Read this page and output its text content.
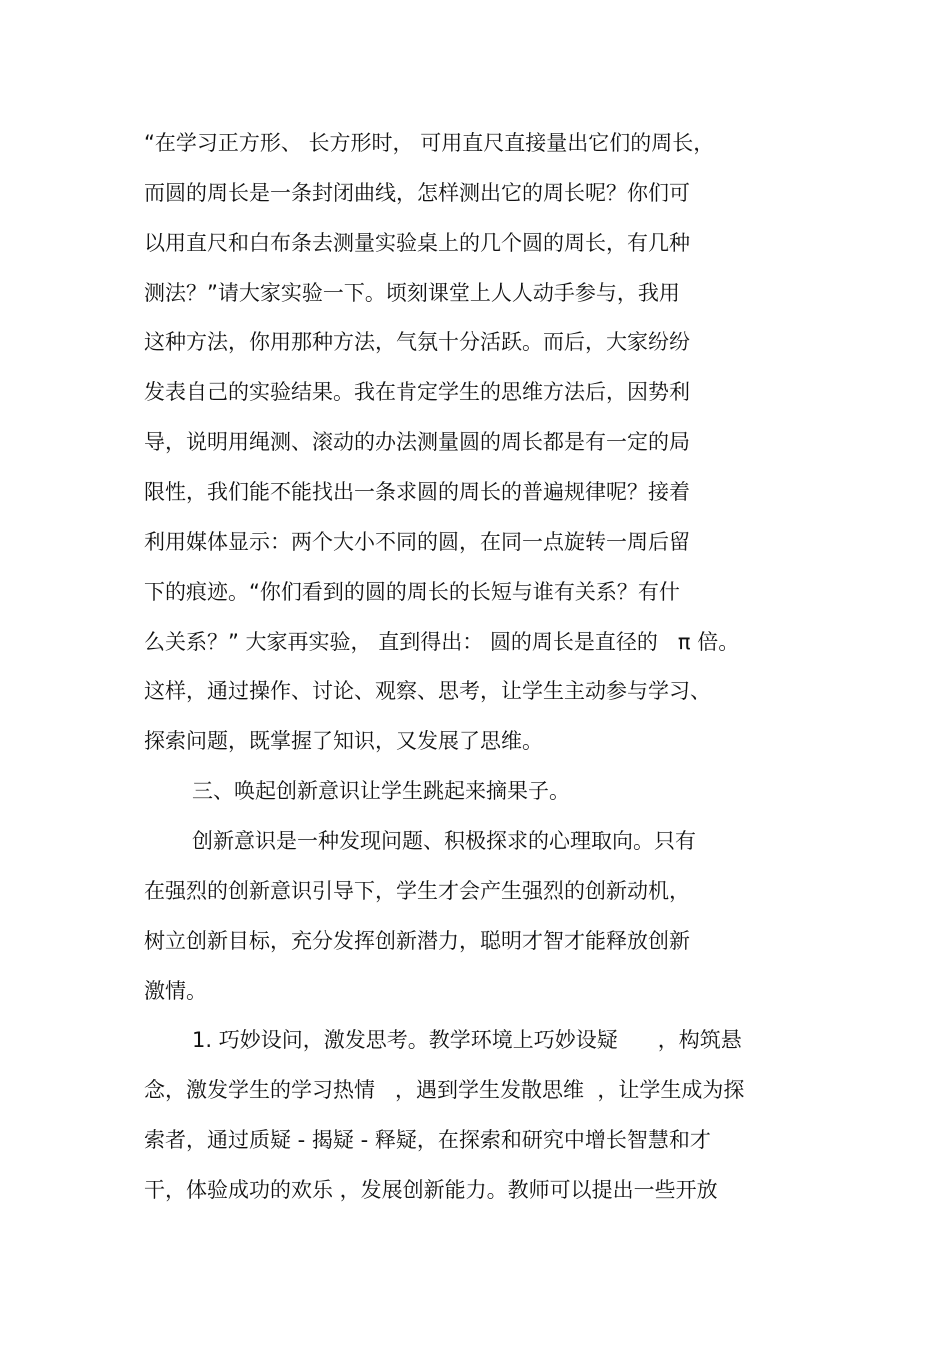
“在学习正方形、 长方形时， 可用直尺直接量出它们的周长，
而圆的周长是一条封闭曲线，怎样测出它的周长呢？你们可
以用直尺和白布条去测量实验桌上的几个圆的周长，有几种
测法？”请大家实验一下。顷刻课堂上人人动手参与，我用
这种方法，你用那种方法，气氛十分活跃。而后，大家纷纷
发表自己的实验结果。我在肯定学生的思维方法后，因势利
导，说明用绳测、滚动的办法测量圆的周长都是有一定的局
限性，我们能不能找出一条求圆的周长的普遍规律呢？接着
利用媒体显示：两个大小不同的圆，在同一点旋转一周后留
下的痕迹。“你们看到的圆的周长的长短与谁有关系？有什
么关系？” 大家再实验， 直到得出： 圆的周长是直径的   π 倍。
这样，通过操作、讨论、观察、思考，让学生主动参与学习、
探索问题，既掌握了知识，又发展了思维。
三、唤起创新意识让学生跳起来摘果子。
创新意识是一种发现问题、积极探求的心理取向。只有
在强烈的创新意识引导下，学生才会产生强烈的创新动机，
树立创新目标，充分发挥创新潜力，聪明才智才能释放创新
激情。
1. 巧妙设问，激发思考。教学环境上巧妙设疑      ，构筑悬
念，激发学生的学习热情   ，遇到学生发散思维  ，让学生成为探
索者，通过质疑 - 揭疑 - 释疑，在探索和研究中增长智慧和才
干，体验成功的欢乐 ，发展创新能力。教师可以提出一些开放
